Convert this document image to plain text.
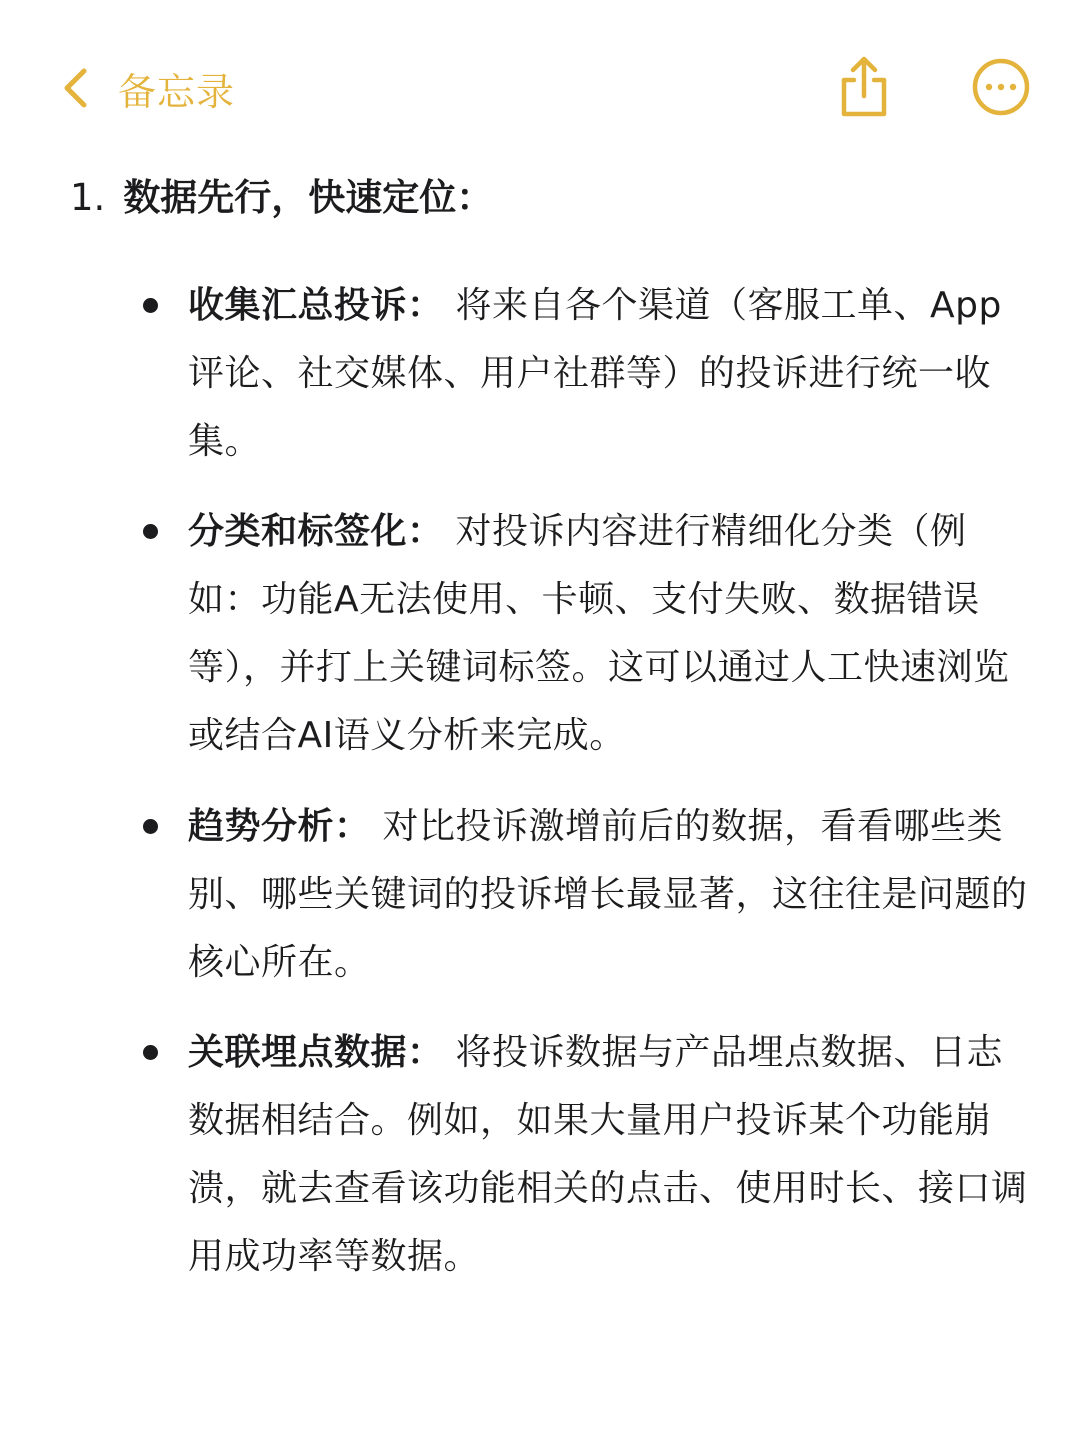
备忘录
1. 数据先行，快速定位：
收集汇总投诉： 将来自各个渠道（客服工单、App评论、社交媒体、用户社群等）的投诉进行统一收集。
分类和标签化： 对投诉内容进行精细化分类（例如：功能A无法使用、卡顿、支付失败、数据错误等），并打上关键词标签。这可以通过人工快速浏览或结合AI语义分析来完成。
趋势分析： 对比投诉激增前后的数据，看看哪些类别、哪些关键词的投诉增长最显著，这往往是问题的核心所在。
关联埋点数据： 将投诉数据与产品埋点数据、日志数据相结合。例如，如果大量用户投诉某个功能崩溃，就去查看该功能相关的点击、使用时长、接口调用成功率等数据。
